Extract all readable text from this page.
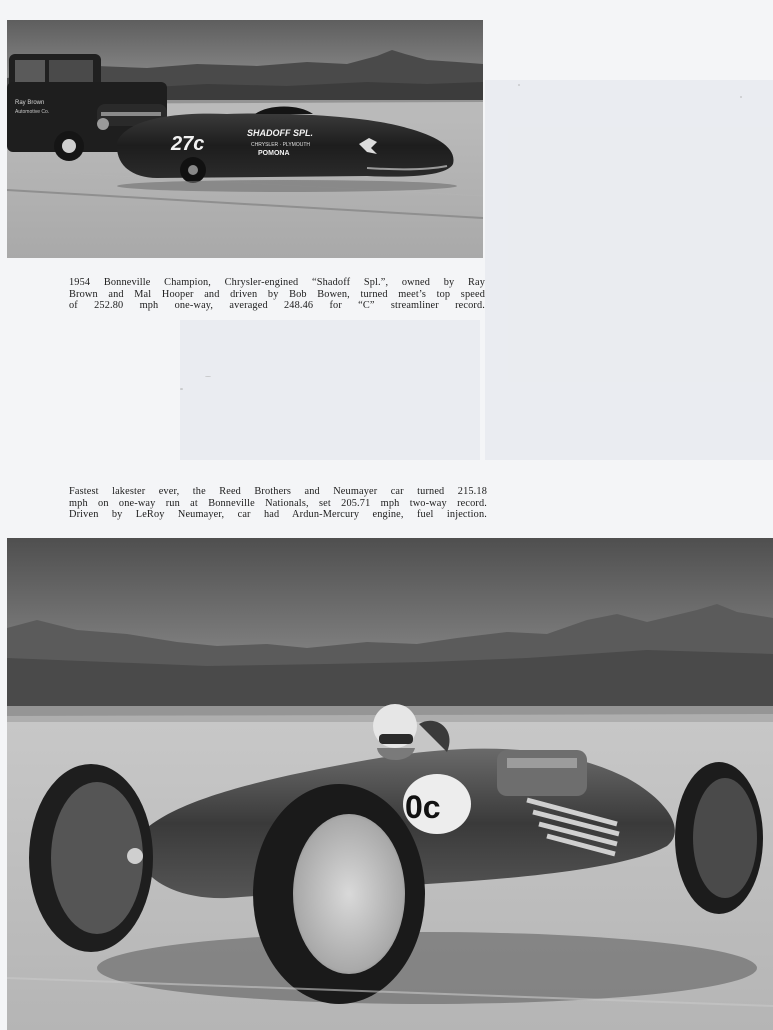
Ray Brown
Automotive Co.
27c	SHADOFF SPL.
CHRYSLER · PLYMOUTH
POMONA
1954 Bonneville Champion, Chrysler-engined “Shadoff Spl.”, owned by Ray
Brown and Mal Hooper and driven by Bob Bowen, turned meet’s top speed
of 252.80 mph one-way, averaged 248.46 for “C” streamliner record.
Fastest lakester ever, the Reed Brothers and Neumayer car turned 215.18
mph on one-way run at Bonneville Nationals, set 205.71 mph two-way record.
Driven by LeRoy Neumayer, car had Ardun-Mercury engine, fuel injection.
0c
